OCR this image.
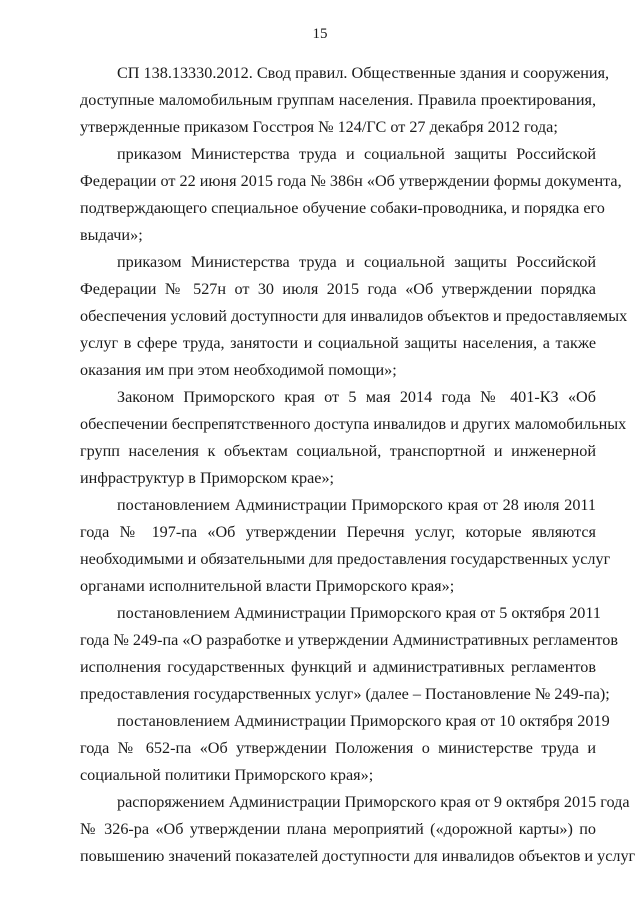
15
СП 138.13330.2012. Свод правил. Общественные здания и сооружения,
доступные маломобильным группам населения. Правила проектирования,
утвержденные приказом Госстроя № 124/ГС от 27 декабря 2012 года;
приказом Министерства труда и социальной защиты Российской
Федерации от 22 июня 2015 года № 386н «Об утверждении формы документа,
подтверждающего специальное обучение собаки-проводника, и порядка его
выдачи»;
приказом Министерства труда и социальной защиты Российской
Федерации № 527н от 30 июля 2015 года «Об утверждении порядка
обеспечения условий доступности для инвалидов объектов и предоставляемых
услуг в сфере труда, занятости и социальной защиты населения, а также
оказания им при этом необходимой помощи»;
Законом Приморского края от 5 мая 2014 года № 401-КЗ «Об
обеспечении беспрепятственного доступа инвалидов и других маломобильных
групп населения к объектам социальной, транспортной и инженерной
инфраструктур в Приморском крае»;
постановлением Администрации Приморского края от 28 июля 2011
года № 197-па «Об утверждении Перечня услуг, которые являются
необходимыми и обязательными для предоставления государственных услуг
органами исполнительной власти Приморского края»;
постановлением Администрации Приморского края от 5 октября 2011
года № 249-па «О разработке и утверждении Административных регламентов
исполнения государственных функций и административных регламентов
предоставления государственных услуг» (далее – Постановление № 249-па);
постановлением Администрации Приморского края от 10 октября 2019
года № 652-па «Об утверждении Положения о министерстве труда и
социальной политики Приморского края»;
распоряжением Администрации Приморского края от 9 октября 2015 года
№ 326-ра «Об утверждении плана мероприятий («дорожной карты») по
повышению значений показателей доступности для инвалидов объектов и услуг
